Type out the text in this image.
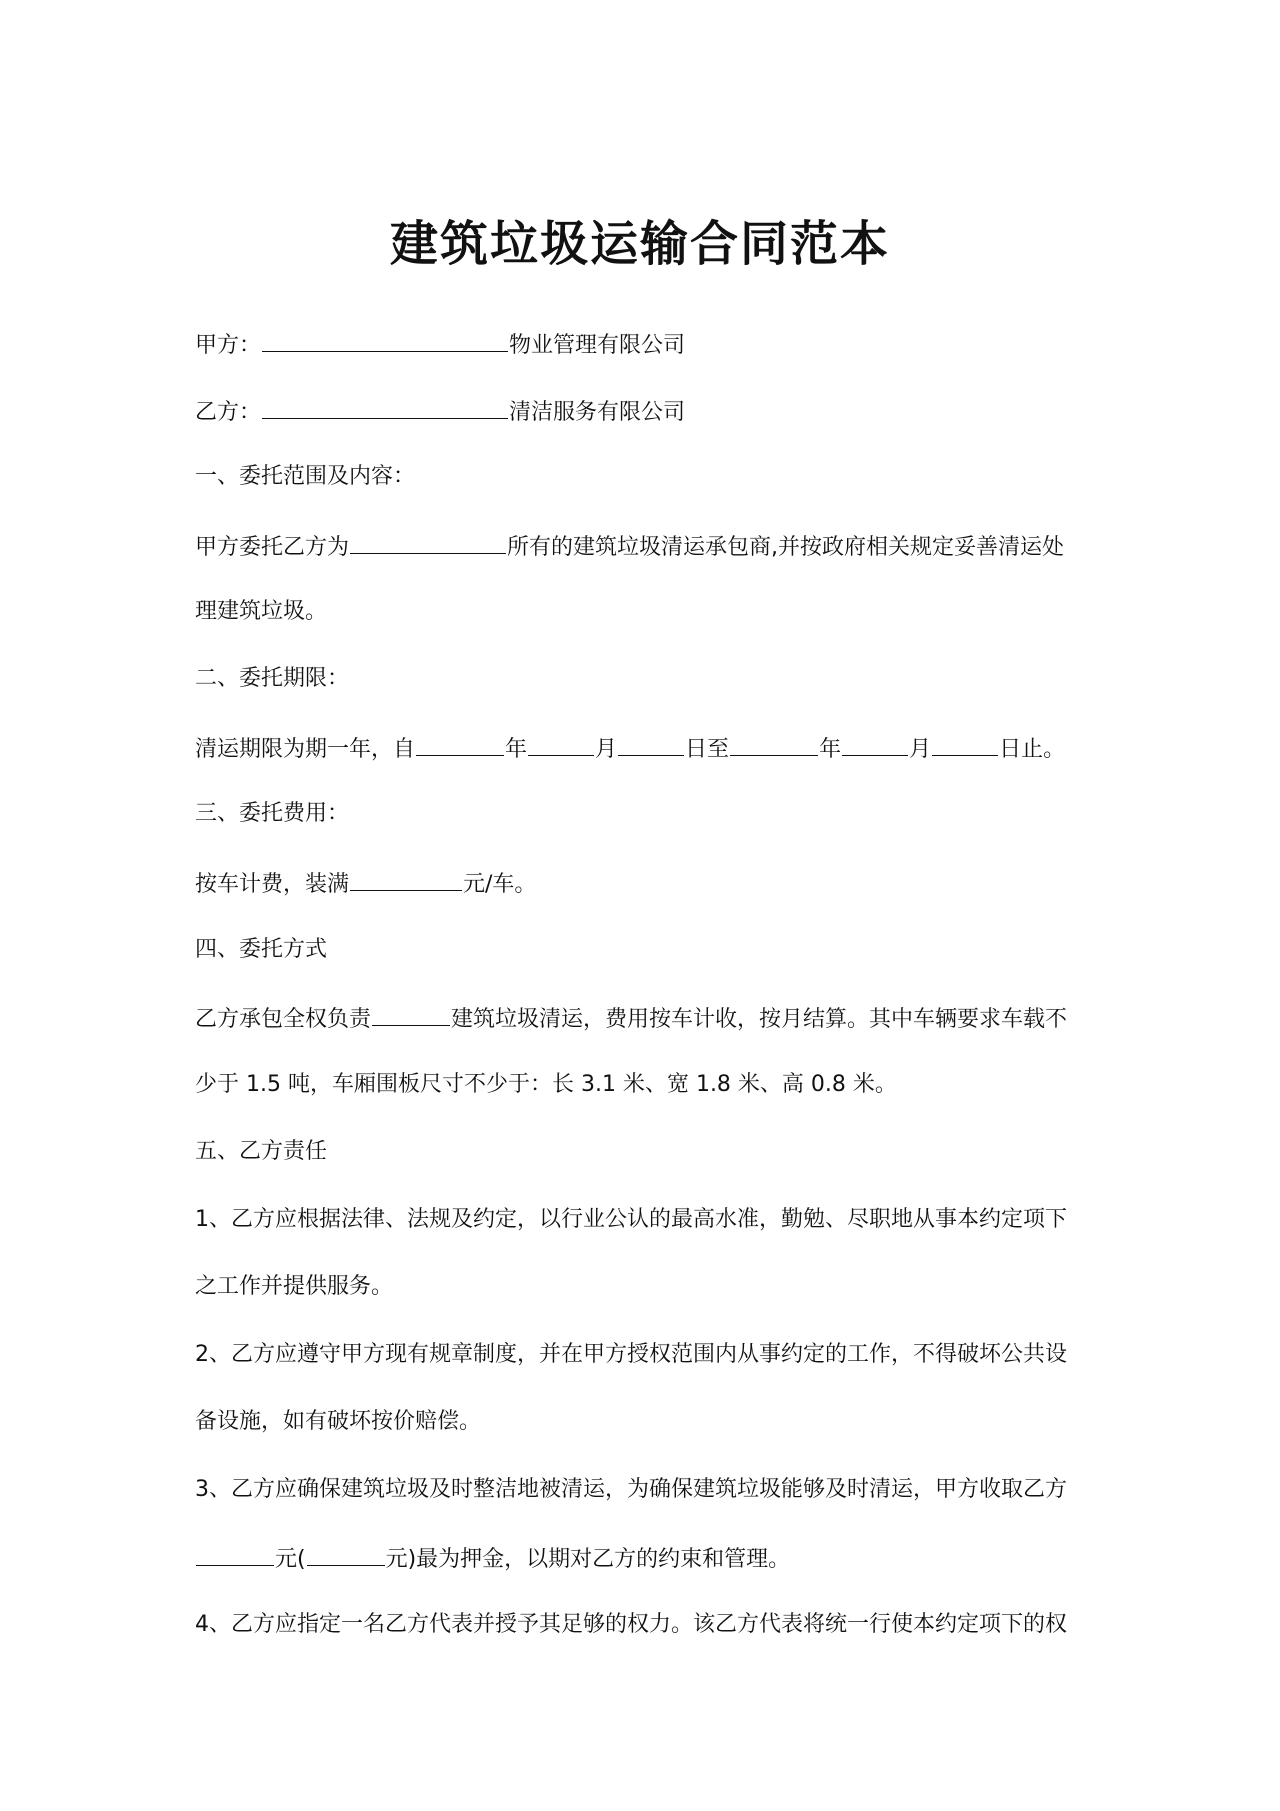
建筑垃圾运输合同范本
甲方：	物业管理有限公司
乙方：	清洁服务有限公司
一、委托范围及内容：
甲方委托乙方为	所有的建筑垃圾清运承包商,并按政府相关规定妥善清运处
理建筑垃圾。
二、委托期限：
清运期限为期一年，自	年	月	日至	年	月	日止。
三、委托费用：
按车计费，装满	元/车。
四、委托方式
乙方承包全权负责	建筑垃圾清运，费用按车计收，按月结算。其中车辆要求车载不
少于 1.5 吨，车厢围板尺寸不少于：长 3.1 米、宽 1.8 米、高 0.8 米。
五、乙方责任
1、乙方应根据法律、法规及约定，以行业公认的最高水准，勤勉、尽职地从事本约定项下
之工作并提供服务。
2、乙方应遵守甲方现有规章制度，并在甲方授权范围内从事约定的工作，不得破坏公共设
备设施，如有破坏按价赔偿。
3、乙方应确保建筑垃圾及时整洁地被清运，为确保建筑垃圾能够及时清运，甲方收取乙方
元(	元)最为押金，以期对乙方的约束和管理。
4、乙方应指定一名乙方代表并授予其足够的权力。该乙方代表将统一行使本约定项下的权
